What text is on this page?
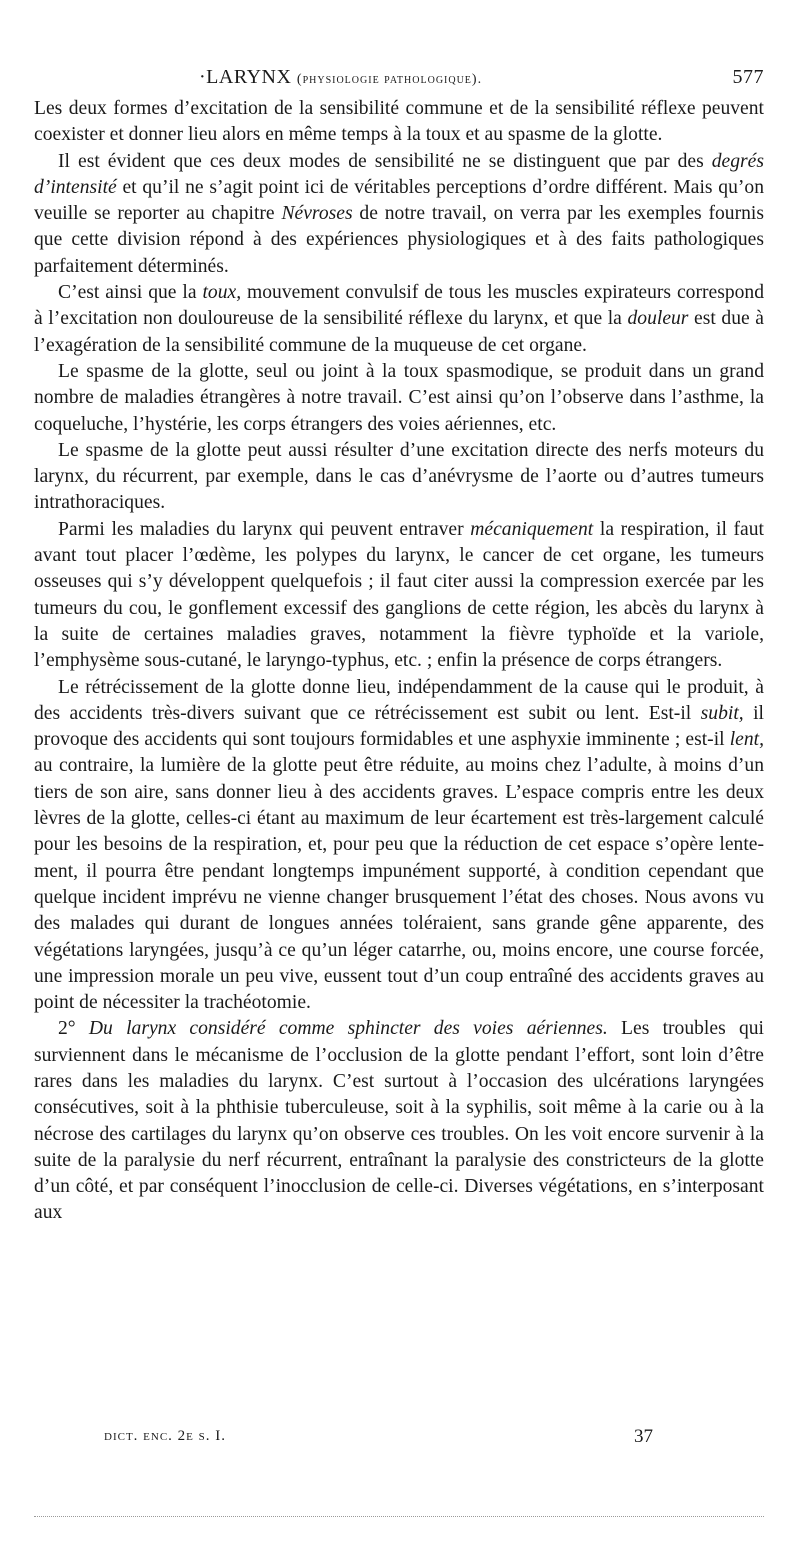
·LARYNX (physiologie pathologique).	577

Les deux formes d’excitation de la sensibilité commune et de la sensibilité réflexe peuvent coexister et donner lieu alors en même temps à la toux et au spasme de la glotte.

Il est évident que ces deux modes de sensibilité ne se distinguent que par des degrés d’intensité et qu’il ne s’agit point ici de véritables perceptions d’ordre différent. Mais qu’on veuille se reporter au chapitre Névroses de notre travail, on verra par les exemples fournis que cette division répond à des expériences physiologiques et à des faits pathologiques parfaitement déterminés.

C’est ainsi que la toux, mouvement convulsif de tous les muscles expirateurs correspond à l’excitation non douloureuse de la sensibilité réflexe du larynx, et que la douleur est due à l’exagération de la sensibilité commune de la muqueuse de cet organe.

Le spasme de la glotte, seul ou joint à la toux spasmodique, se produit dans un grand nombre de maladies étrangères à notre travail. C’est ainsi qu’on l’observe dans l’asthme, la coqueluche, l’hystérie, les corps étrangers des voies aériennes, etc.

Le spasme de la glotte peut aussi résulter d’une excitation directe des nerfs moteurs du larynx, du récurrent, par exemple, dans le cas d’anévrysme de l’aorte ou d’autres tumeurs intrathoraciques.

Parmi les maladies du larynx qui peuvent entraver mécaniquement la respiration, il faut avant tout placer l’œdème, les polypes du larynx, le cancer de cet organe, les tumeurs osseuses qui s’y développent quelquefois ; il faut citer aussi la compression exercée par les tumeurs du cou, le gonflement excessif des ganglions de cette région, les abcès du larynx à la suite de certaines maladies graves, notamment la fièvre typhoïde et la variole, l’emphysème sous-cutané, le laryngo-typhus, etc. ; enfin la présence de corps étrangers.

Le rétrécissement de la glotte donne lieu, indépendamment de la cause qui le produit, à des accidents très-divers suivant que ce rétrécissement est subit ou lent. Est-il subit, il provoque des accidents qui sont toujours formidables et une asphyxie imminente ; est-il lent, au contraire, la lumière de la glotte peut être réduite, au moins chez l’adulte, à moins d’un tiers de son aire, sans donner lieu à des accidents graves. L’espace compris entre les deux lèvres de la glotte, celles-ci étant au maximum de leur écartement est très-largement calculé pour les besoins de la respiration, et, pour peu que la réduction de cet espace s’opère lentement, il pourra être pendant longtemps impunément supporté, à condition cependant que quelque incident imprévu ne vienne changer brusquement l’état des choses. Nous avons vu des malades qui durant de longues années toléraient, sans grande gêne apparente, des végétations laryngées, jusqu’à ce qu’un léger catarrhe, ou, moins encore, une course forcée, une impression morale un peu vive, eussent tout d’un coup entraîné des accidents graves au point de nécessiter la trachéotomie.

2° Du larynx considéré comme sphincter des voies aériennes. Les troubles qui surviennent dans le mécanisme de l’occlusion de la glotte pendant l’effort, sont loin d’être rares dans les maladies du larynx. C’est surtout à l’occasion des ulcérations laryngées consécutives, soit à la phthisie tuberculeuse, soit à la syphilis, soit même à la carie ou à la nécrose des cartilages du larynx qu’on observe ces troubles. On les voit encore survenir à la suite de la paralysie du nerf récurrent, entraînant la paralysie des constricteurs de la glotte d’un côté, et par conséquent l’inocclusion de celle-ci. Diverses végétations, en s’interposant aux

dict. enc. 2e s. I.	37
